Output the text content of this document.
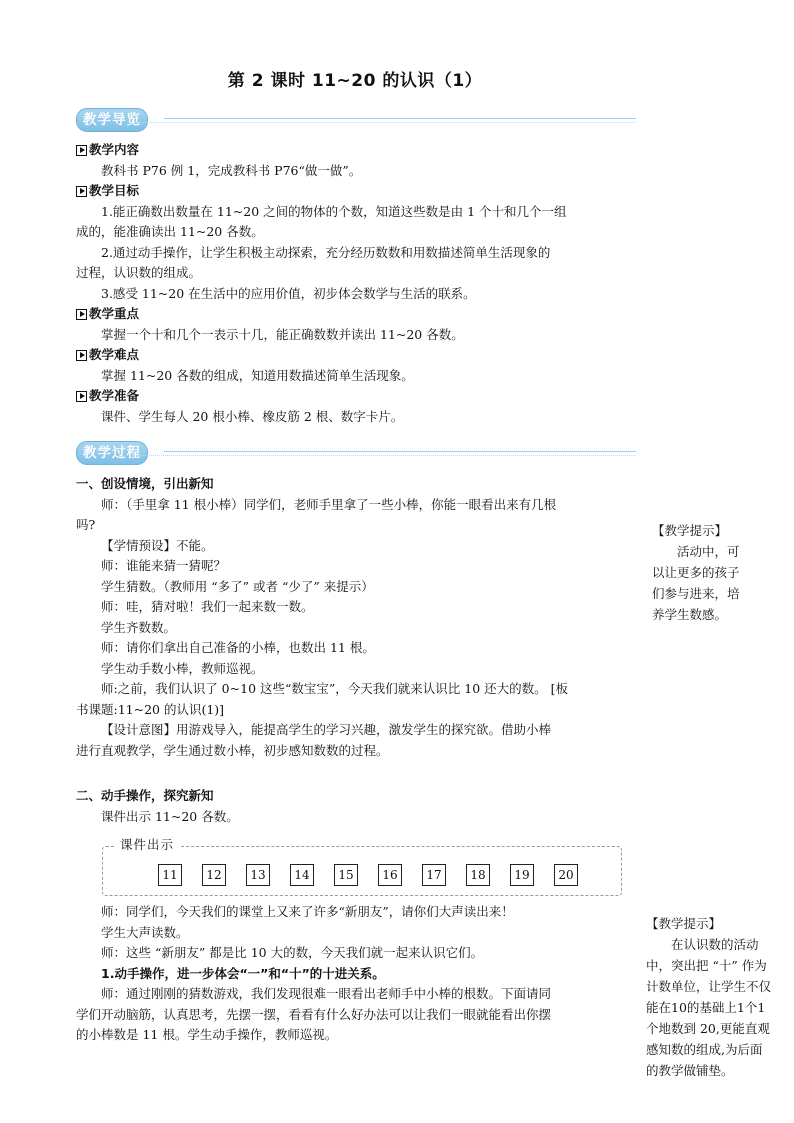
第 2 课时 11~20 的认识（1）
教学导览
教学内容

教科书 P76 例 1，完成教科书 P76“做一做”。

教学目标

1.能正确数出数量在 11~20 之间的物体的个数，知道这些数是由 1 个十和几个一组

成的，能准确读出 11~20 各数。

2.通过动手操作，让学生积极主动探索，充分经历数数和用数描述简单生活现象的

过程，认识数的组成。

3.感受 11~20 在生活中的应用价值，初步体会数学与生活的联系。

教学重点

掌握一个十和几个一表示十几，能正确数数并读出 11~20 各数。

教学难点

掌握 11~20 各数的组成，知道用数描述简单生活现象。

教学准备

课件、学生每人 20 根小棒、橡皮筋 2 根、数字卡片。

教学过程

一、创设情境，引出新知

师：（手里拿 11 根小棒）同学们，老师手里拿了一些小棒，你能一眼看出来有几根

吗?

【学情预设】不能。

师：谁能来猜一猜呢？

学生猜数。（教师用 “多了” 或者 “少了” 来提示）

师：哇，猜对啦！我们一起来数一数。

学生齐数数。

师：请你们拿出自己准备的小棒，也数出 11 根。

学生动手数小棒，教师巡视。

师:之前，我们认识了 0~10 这些“数宝宝”，今天我们就来认识比 10 还大的数。 [板

书课题:11~20 的认识(1)]

【设计意图】用游戏导入，能提高学生的学习兴趣，激发学生的探究欲。借助小棒

进行直观教学，学生通过数小棒，初步感知数数的过程。

二、动手操作，探究新知

课件出示 11~20 各数。

课件出示
11	12	13	14	15	16	17	18	19	20

师：同学们，今天我们的课堂上又来了许多“新朋友”，请你们大声读出来！

学生大声读数。

师：这些 “新朋友” 都是比 10 大的数，今天我们就一起来认识它们。

1.动手操作，进一步体会“一”和“十”的十进关系。

师：通过刚刚的猜数游戏，我们发现很难一眼看出老师手中小棒的根数。下面请同

学们开动脑筋，认真思考，先摆一摆，看看有什么好办法可以让我们一眼就能看出你摆

的小棒数是 11 根。学生动手操作，教师巡视。

【教学提示】

活动中，可

以让更多的孩子

们参与进来，培

养学生数感。

【教学提示】

在认识数的活动

中，突出把 “十” 作为

计数单位，让学生不仅

能在10的基础上1个1

个地数到 20,更能直观

感知数的组成,为后面

的教学做铺垫。
